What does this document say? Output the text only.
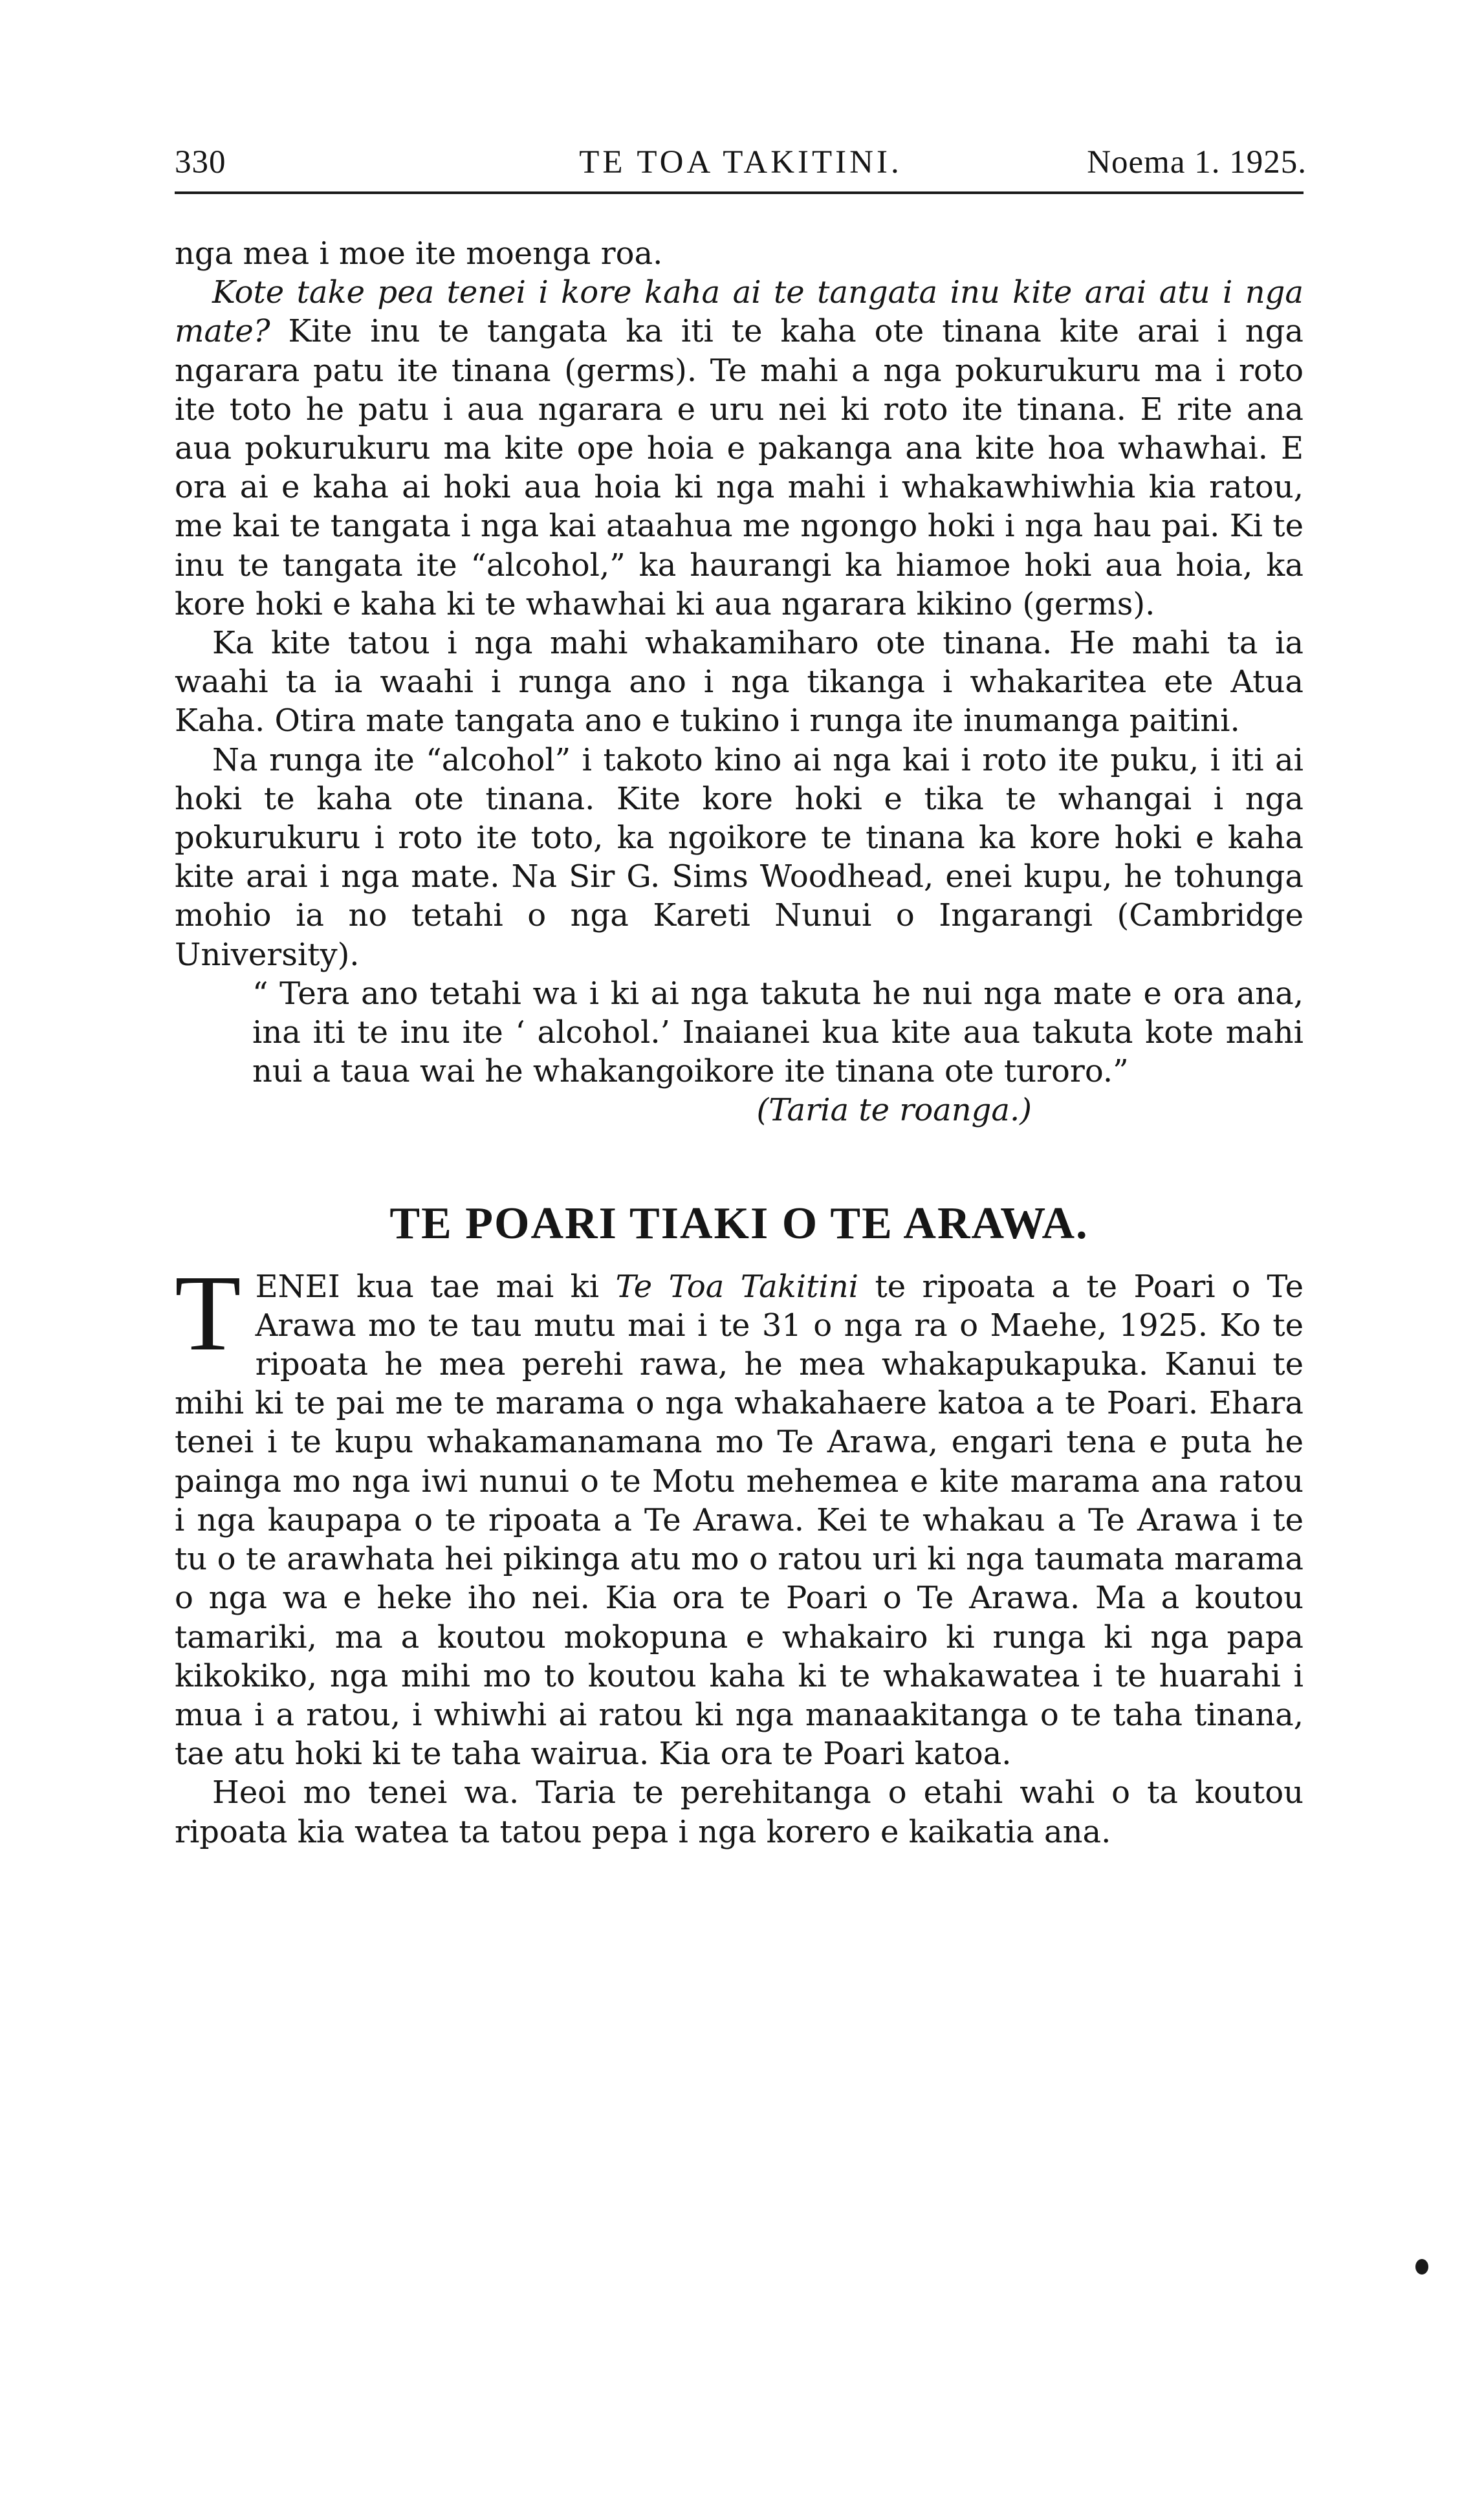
330	TE TOA TAKITINI.	Noema 1. 1925.

nga mea i moe ite moenga roa.

Kote take pea tenei i kore kaha ai te tangata inu kite arai atu i nga mate? Kite inu te tangata ka iti te kaha ote tinana kite arai i nga ngarara patu ite tinana (germs). Te mahi a nga pokurukuru ma i roto ite toto he patu i aua ngarara e uru nei ki roto ite tinana. E rite ana aua pokurukuru ma kite ope hoia e pakanga ana kite hoa whawhai. E ora ai e kaha ai hoki aua hoia ki nga mahi i whakawhiwhia kia ratou, me kai te tangata i nga kai ataahua me ngongo hoki i nga hau pai. Ki te inu te tangata ite “alcohol,” ka haurangi ka hiamoe hoki aua hoia, ka kore hoki e kaha ki te whawhai ki aua ngarara kikino (germs).

Ka kite tatou i nga mahi whakamiharo ote tinana. He mahi ta ia waahi ta ia waahi i runga ano i nga tikanga i whakaritea ete Atua Kaha. Otira mate tangata ano e tukino i runga ite inumanga paitini.

Na runga ite “alcohol” i takoto kino ai nga kai i roto ite puku, i iti ai hoki te kaha ote tinana. Kite kore hoki e tika te whangai i nga pokurukuru i roto ite toto, ka ngoikore te tinana ka kore hoki e kaha kite arai i nga mate. Na Sir G. Sims Woodhead, enei kupu, he tohunga mohio ia no tetahi o nga Kareti Nunui o Ingarangi (Cambridge University).

“ Tera ano tetahi wa i ki ai nga takuta he nui nga mate e ora ana, ina iti te inu ite ‘ alcohol.’ Inaianei kua kite aua takuta kote mahi nui a taua wai he whakangoikore ite tinana ote turoro.”

(Taria te roanga.)

TE POARI TIAKI O TE ARAWA.

TENEI kua tae mai ki Te Toa Takitini te ripoata a te Poari o Te Arawa mo te tau mutu mai i te 31 o nga ra o Maehe, 1925. Ko te ripoata he mea perehi rawa, he mea whakapukapuka. Kanui te mihi ki te pai me te marama o nga whakahaere katoa a te Poari. Ehara tenei i te kupu whakamanamana mo Te Arawa, engari tena e puta he painga mo nga iwi nunui o te Motu mehemea e kite marama ana ratou i nga kaupapa o te ripoata a Te Arawa. Kei te whakau a Te Arawa i te tu o te arawhata hei pikinga atu mo o ratou uri ki nga taumata marama o nga wa e heke iho nei. Kia ora te Poari o Te Arawa. Ma a koutou tamariki, ma a koutou mokopuna e whakairo ki runga ki nga papa kikokiko, nga mihi mo to koutou kaha ki te whakawatea i te huarahi i mua i a ratou, i whiwhi ai ratou ki nga manaakitanga o te taha tinana, tae atu hoki ki te taha wairua. Kia ora te Poari katoa.

Heoi mo tenei wa. Taria te perehitanga o etahi wahi o ta koutou ripoata kia watea ta tatou pepa i nga korero e kaikatia ana.
